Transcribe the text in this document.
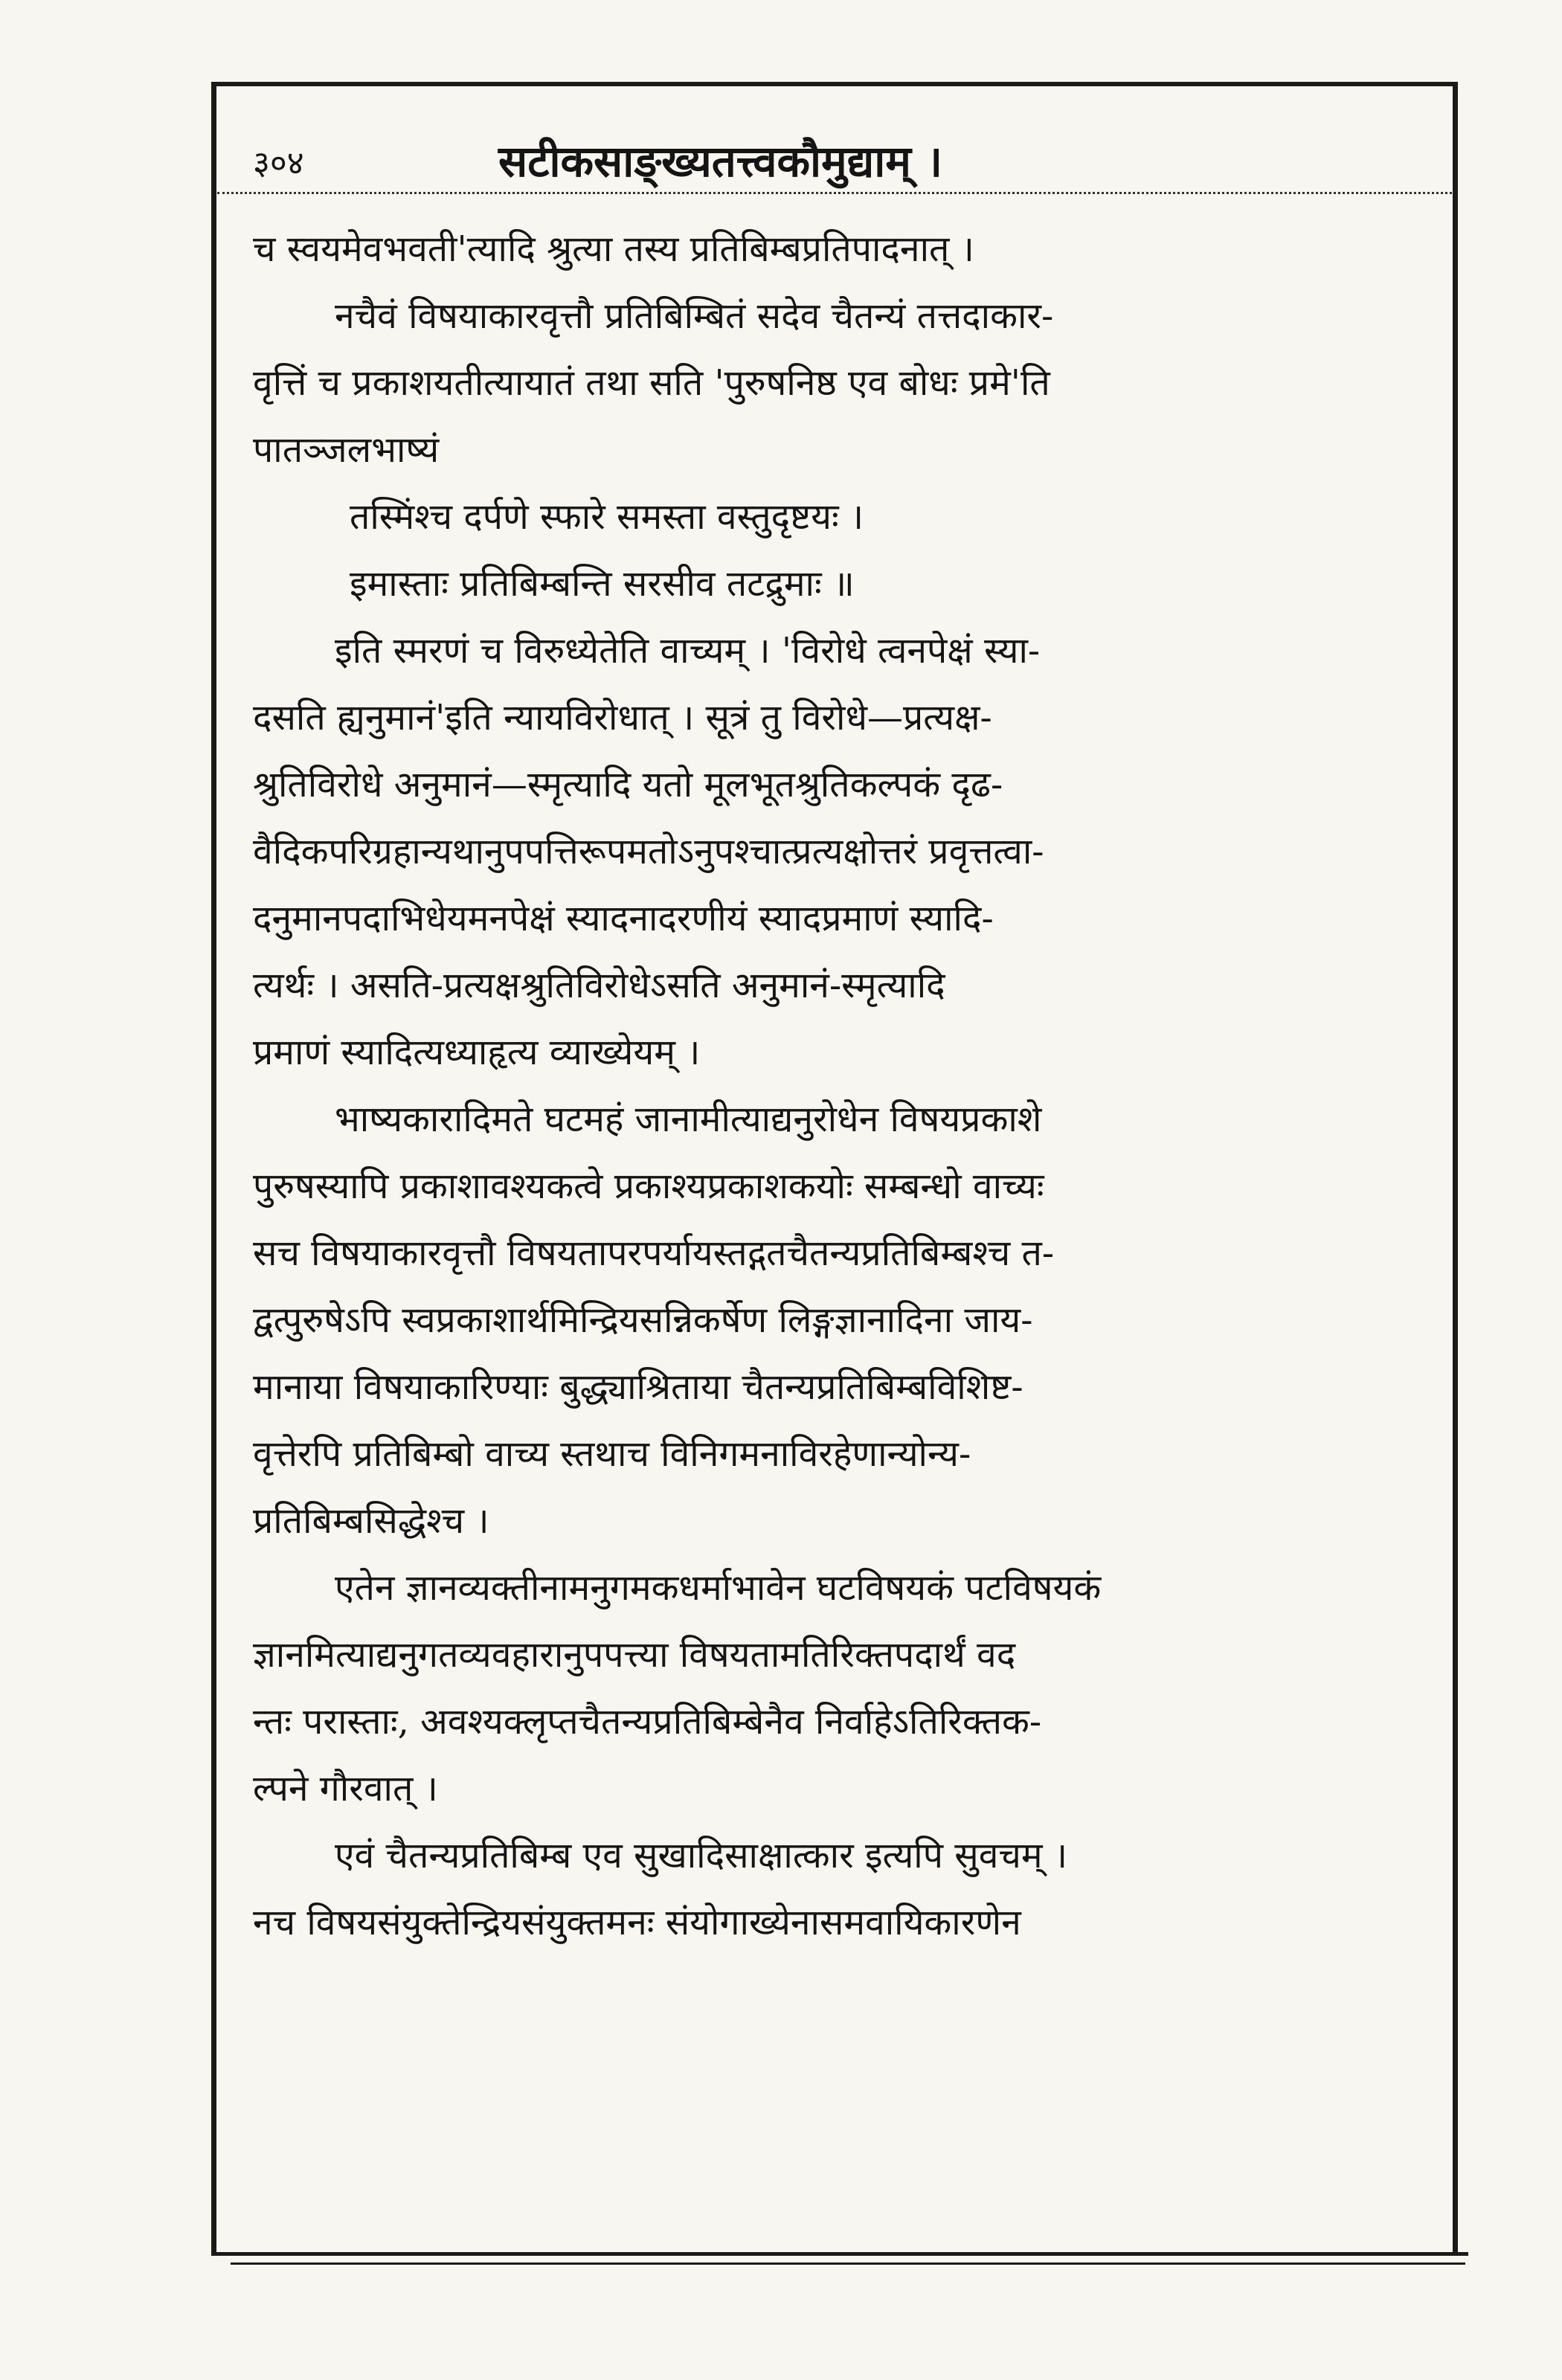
३०४	सटीकसाङ्ख्यतत्त्वकौमुद्याम् ।
च स्वयमेवभवती'त्यादि श्रुत्या तस्य प्रतिबिम्बप्रतिपादनात् ।
नचैवं विषयाकारवृत्तौ प्रतिबिम्बितं सदेव चैतन्यं तत्तदाकार-
वृत्तिं च प्रकाशयतीत्यायातं तथा सति 'पुरुषनिष्ठ एव बोधः प्रमे'ति
पातञ्जलभाष्यं
तस्मिंश्च दर्पणे स्फारे समस्ता वस्तुदृष्टयः ।
इमास्ताः प्रतिबिम्बन्ति सरसीव तटद्रुमाः ॥
इति स्मरणं च विरुध्येतेति वाच्यम् । 'विरोधे त्वनपेक्षं स्या-
दसति ह्यनुमानं'इति न्यायविरोधात् । सूत्रं तु विरोधे—प्रत्यक्ष-
श्रुतिविरोधे अनुमानं—स्मृत्यादि यतो मूलभूतश्रुतिकल्पकं दृढ-
वैदिकपरिग्रहान्यथानुपपत्तिरूपमतोऽनुपश्चात्प्रत्यक्षोत्तरं प्रवृत्तत्वा-
दनुमानपदाभिधेयमनपेक्षं स्यादनादरणीयं स्यादप्रमाणं स्यादि-
त्यर्थः । असति-प्रत्यक्षश्रुतिविरोधेऽसति अनुमानं-स्मृत्यादि
प्रमाणं स्यादित्यध्याहृत्य व्याख्येयम् ।
भाष्यकारादिमते घटमहं जानामीत्याद्यनुरोधेन विषयप्रकाशे
पुरुषस्यापि प्रकाशावश्यकत्वे प्रकाश्यप्रकाशकयोः सम्बन्धो वाच्यः
सच विषयाकारवृत्तौ विषयतापरपर्यायस्तद्गतचैतन्यप्रतिबिम्बश्च त-
द्वत्पुरुषेऽपि स्वप्रकाशार्थमिन्द्रियसन्निकर्षेण लिङ्गज्ञानादिना जाय-
मानाया विषयाकारिण्याः बुद्ध्याश्रिताया चैतन्यप्रतिबिम्बविशिष्ट-
वृत्तेरपि प्रतिबिम्बो वाच्य स्तथाच विनिगमनाविरहेणान्योन्य-
प्रतिबिम्बसिद्धेश्च ।
एतेन ज्ञानव्यक्तीनामनुगमकधर्माभावेन घटविषयकं पटविषयकं
ज्ञानमित्याद्यनुगतव्यवहारानुपपत्त्या विषयतामतिरिक्तपदार्थं वद
न्तः परास्ताः, अवश्यक्लृप्तचैतन्यप्रतिबिम्बेनैव निर्वाहेऽतिरिक्तक-
ल्पने गौरवात् ।
एवं चैतन्यप्रतिबिम्ब एव सुखादिसाक्षात्कार इत्यपि सुवचम् ।
नच विषयसंयुक्तेन्द्रियसंयुक्तमनः संयोगाख्येनासमवायिकारणेन
